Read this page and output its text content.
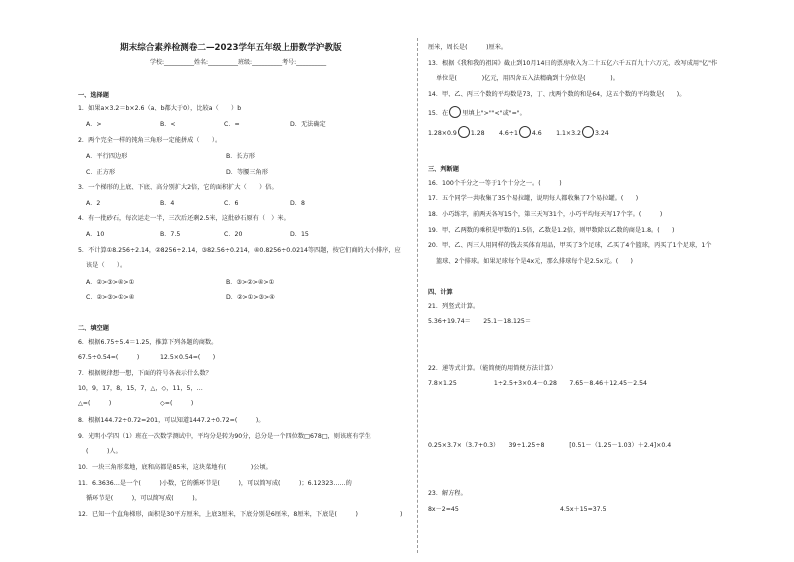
期末综合素养检测卷二—2023学年五年级上册数学沪教版
学校:__________姓名:__________班级:__________考号:__________
一、选择题
1．如果a×3.2＝b×2.6（a、b都大于0），比较a（　　）b
A．>	B．<	C．=	D．无法确定
2．两个完全一样的钝角三角形一定能拼成（　　）。
A．平行四边形	B．长方形
C．正方形	D．等腰三角形
3．一个梯形的上底、下底、高分别扩大2倍，它的面积扩大（　　）倍。
A．2	B．4	C．6	D．8
4．有一批砂石，每次运走一半，三次后还剩2.5米，这批砂石原有（　）米。
A．10	B．7.5	C．20	D．15
5．不计算①8.256÷2.14，②8256÷2.14，③82.56÷0.214，④0.8256÷0.0214等四题，按它们商的大小排序，应
该是（　　）。
A．②>③>④>①	B．③>②>④>①
C．②>③>①>④	D．②>①>③>④
二、填空题
6．根据6.75÷5.4＝1.25，推算下列各题的商数。
67.5÷0.54=(　　　)	12.5×0.54=(　　)
7．根据规律想一想，下面的符号各表示什么数？
10，9，17，8，15，7，△，◇，11，5，…
△=(　　　)	◇=(　　　)
8．根据144.72÷0.72=201，可以知道1447.2÷0.72=(　　　)。
9．光明小学四（1）班在一次数学测试中，平均分是转为90分，总分是一个四位数□678□，则该班有学生
(　　　)人。
10．一块三角形菜地，底和高都是85米，这块菜地有(　　　　)公顷。
11．6.3636…是一个(　　　)小数，它的循环节是(　　　)，可以简写成(　　　)；6.12323……的
循环节是(　　　)，可以简写成(　　　)。
12．已知一个直角梯形，面积是30平方厘米，上底3厘米，下底分别是6厘米，8厘米，下底是(　　　)	)
厘米，周长是(　　　)厘米。
13．根据《我和我的祖国》截止到10月14日的票房收入为二十五亿六千五百九十六万元，改写成用"亿"作
单位是(　　　　)亿元，用四舍五入法精确到十分位是(　　　　)。
14．甲、乙、丙三个数的平均数是73，丁、戊两个数的和是64，这五个数的平均数是(　　)。
15．在 里填上">""<"或"="。
1.28×0.9 1.28　　 4.6÷1 4.6　　 1.1×3.2 3.24
三、判断题
16．100个千分之一等于1个十分之一。(　　　)
17．五个同学一共收集了35个易拉罐，说明每人都收集了7个易拉罐。(　　)
18．小巧练字，前两天各写15个，第三天写31个，小巧平均每天写17个字。(　　　)
19．甲、乙两数的乘积是甲数的1.5倍，乙数是1.2倍，则甲数除以乙数的商是1.8。(　　)
20．甲、乙、丙三人用同样的钱去买体育用品，甲买了3个足球，乙买了4个篮球，丙买了1个足球，1个
篮球、2个排球。如果足球每个是4x元，那么排球每个是2.5x元。(　　)
四、计算
21．列竖式计算。
5.36+19.74＝　　25.1－18.125＝
22．递等式计算。（能简便的用简便方法计算）
7.8×1.25　　　　　　1÷2.5+3×0.4－0.28　　7.65－8.46＋12.45－2.54
0.25×3.7×（3.7+0.3）　　39÷1.25÷8　　　　[0.51－（1.25－1.03）＋2.4]×0.4
23．解方程。
8x－2=45	4.5x＋15=37.5
